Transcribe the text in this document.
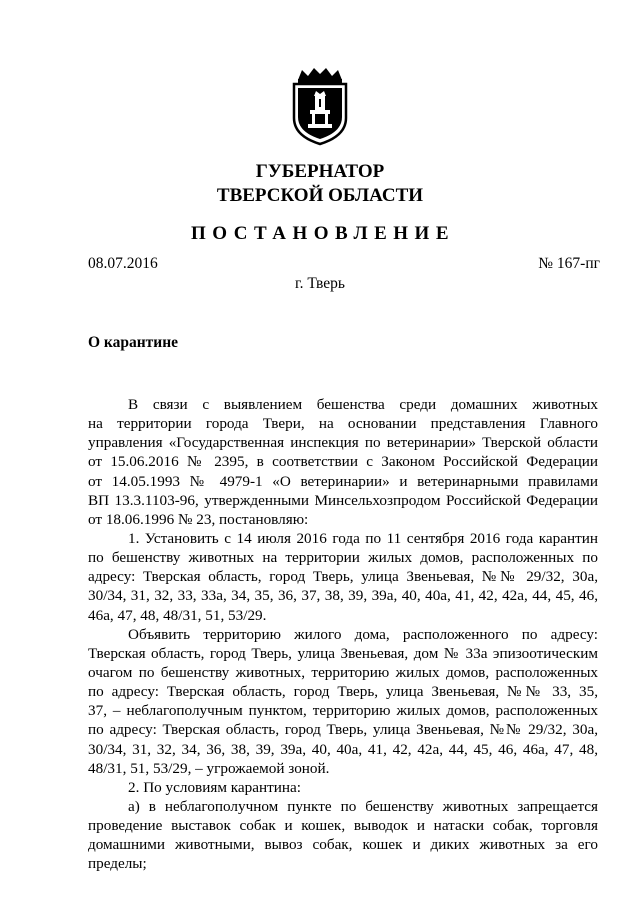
ГУБЕРНАТОР
ТВЕРСКОЙ ОБЛАСТИ
ПОСТАНОВЛЕНИЕ
08.07.2016	№ 167-пг
г. Тверь
О карантине
В связи с выявлением бешенства среди домашних животных
на территории города Твери, на основании представления Главного
управления «Государственная инспекция по ветеринарии» Тверской области
от 15.06.2016 № 2395, в соответствии с Законом Российской Федерации
от 14.05.1993 № 4979-1 «О ветеринарии» и ветеринарными правилами
ВП 13.3.1103-96, утвержденными Минсельхозпродом Российской Федерации
от 18.06.1996 № 23, постановляю:
1. Установить с 14 июля 2016 года по 11 сентября 2016 года карантин
по бешенству животных на территории жилых домов, расположенных по
адресу: Тверская область, город Тверь, улица Звеньевая, №№ 29/32, 30а,
30/34, 31, 32, 33, 33а, 34, 35, 36, 37, 38, 39, 39а, 40, 40а, 41, 42, 42а, 44, 45, 46,
46а, 47, 48, 48/31, 51, 53/29.
Объявить территорию жилого дома, расположенного по адресу:
Тверская область, город Тверь, улица Звеньевая, дом № 33а эпизоотическим
очагом по бешенству животных, территорию жилых домов, расположенных
по адресу: Тверская область, город Тверь, улица Звеньевая, №№ 33, 35,
37, – неблагополучным пунктом, территорию жилых домов, расположенных
по адресу: Тверская область, город Тверь, улица Звеньевая, №№ 29/32, 30а,
30/34, 31, 32, 34, 36, 38, 39, 39а, 40, 40а, 41, 42, 42а, 44, 45, 46, 46а, 47, 48,
48/31, 51, 53/29, – угрожаемой зоной.
2. По условиям карантина:
а) в неблагополучном пункте по бешенству животных запрещается
проведение выставок собак и кошек, выводок и натаски собак, торговля
домашними животными, вывоз собак, кошек и диких животных за его
пределы;
